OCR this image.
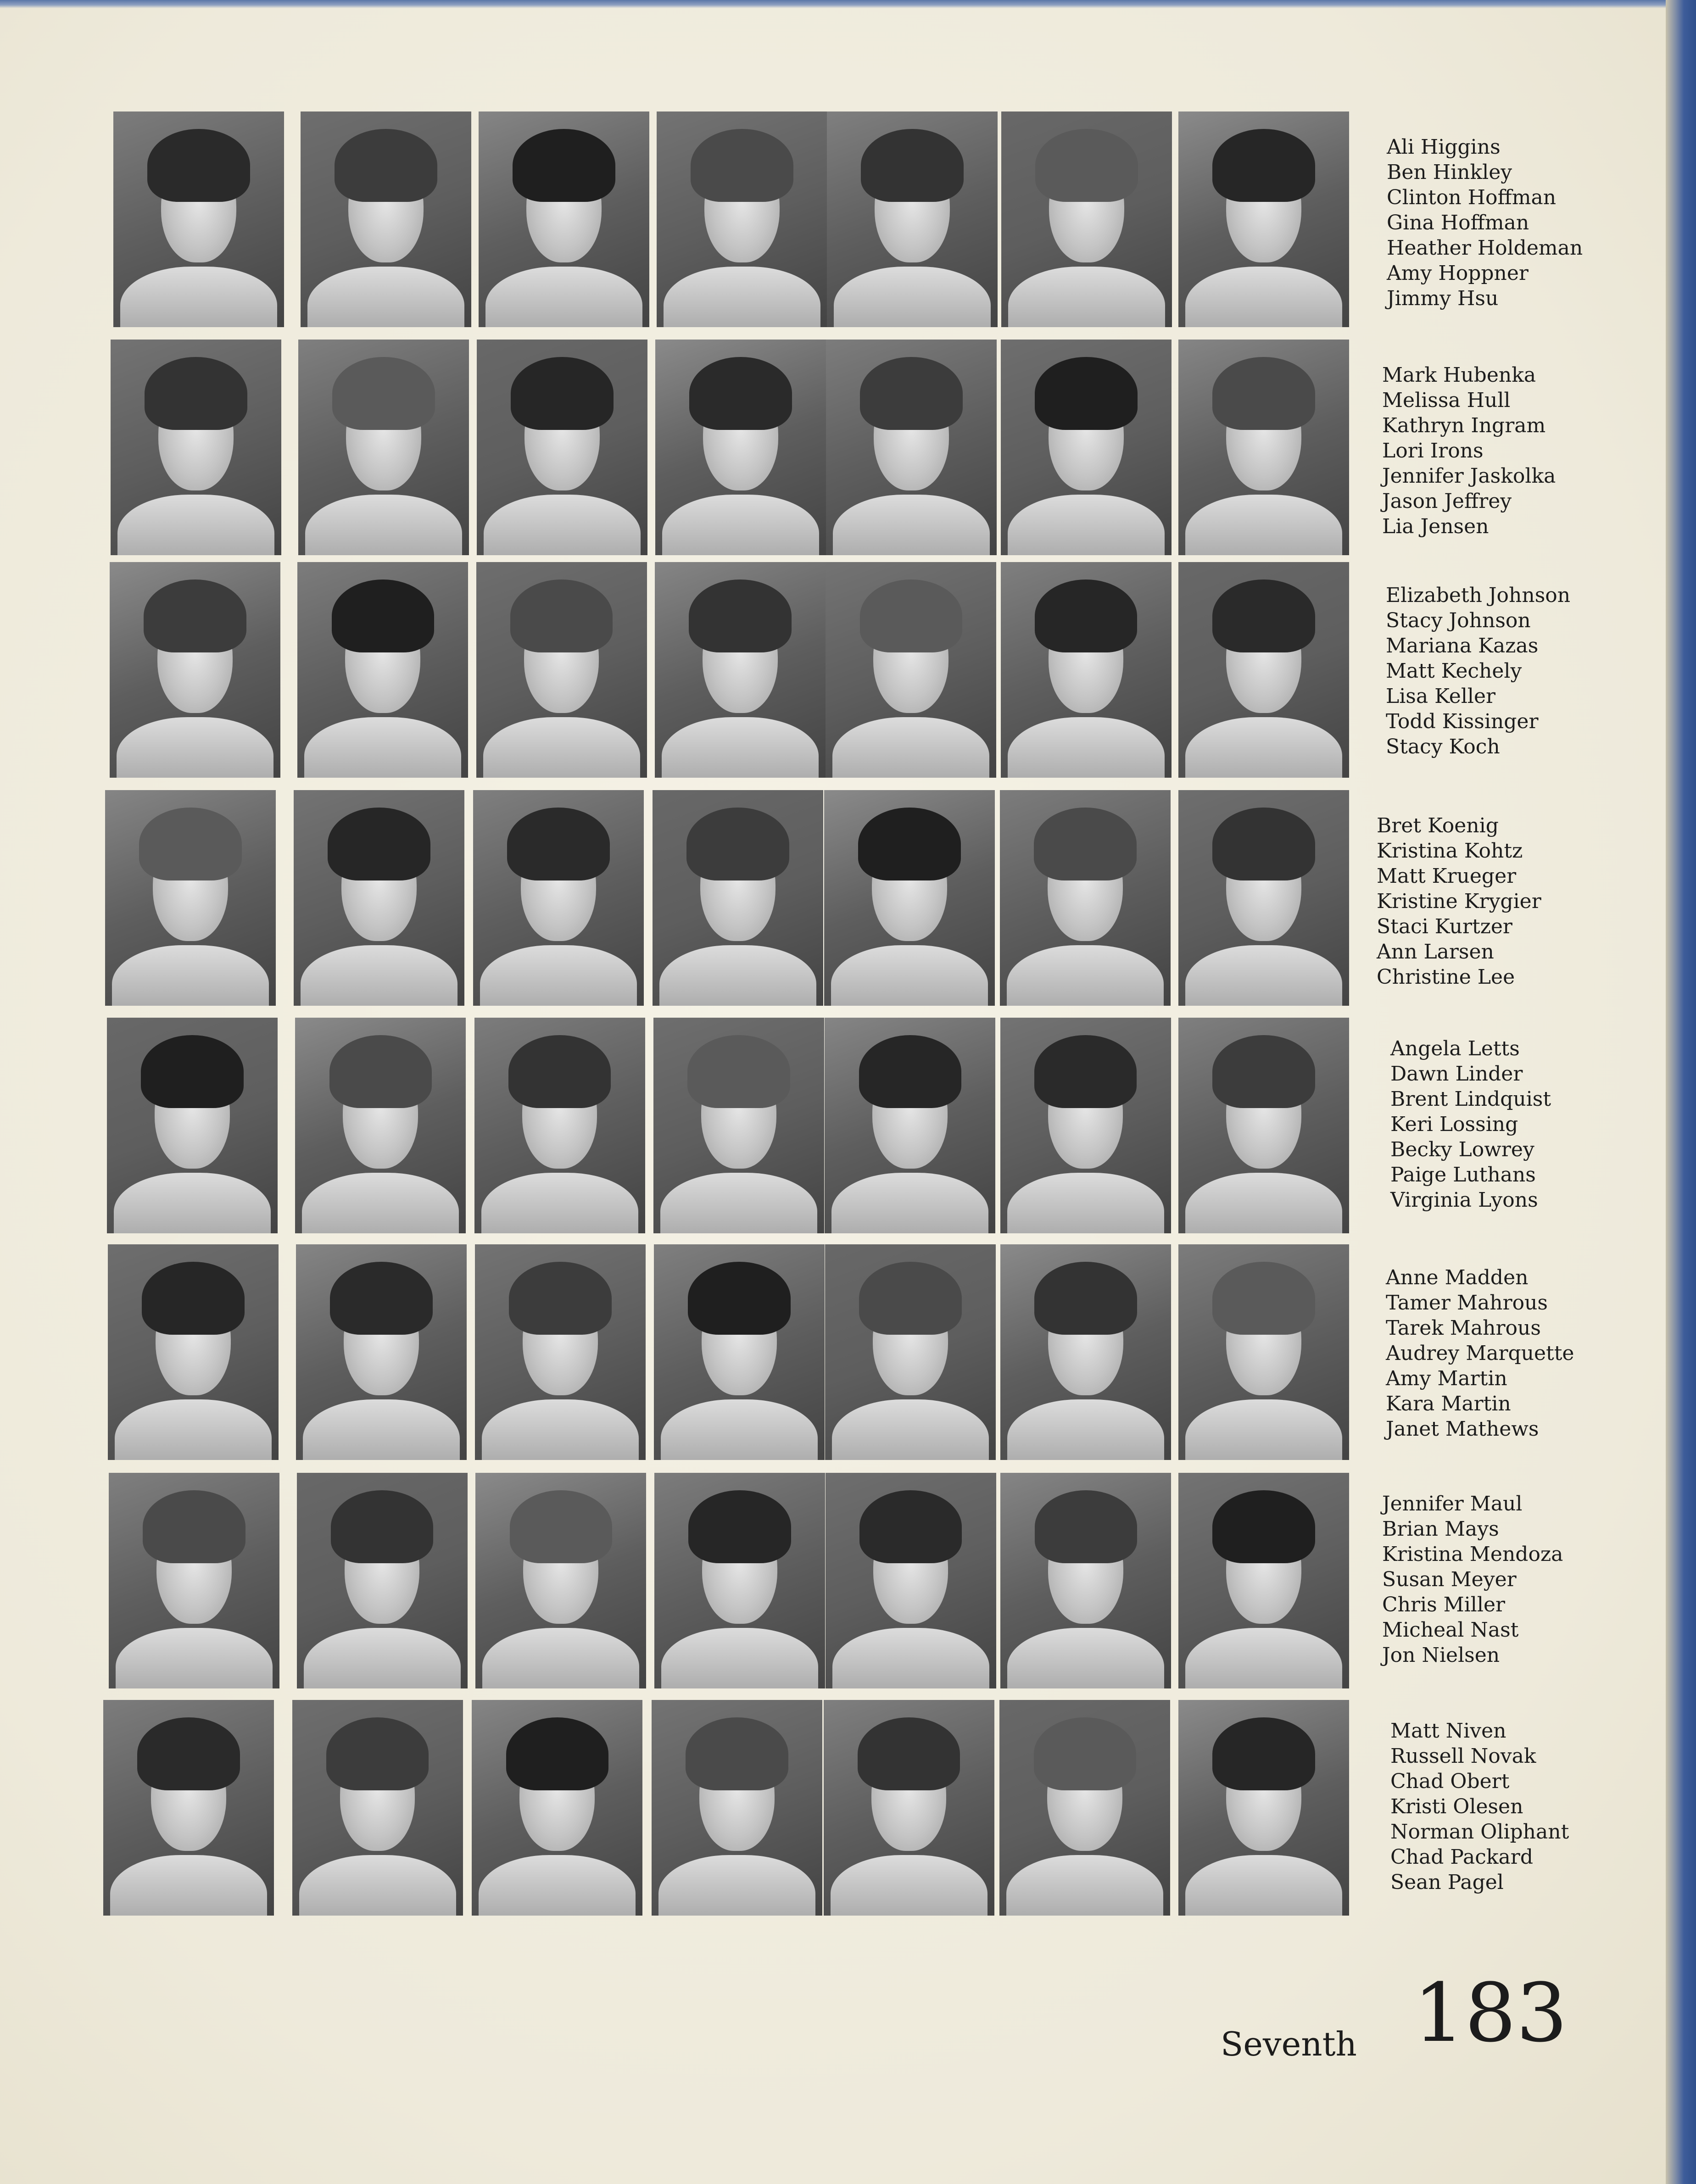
Ali Higgins
Ben Hinkley
Clinton Hoffman
Gina Hoffman
Heather Holdeman
Amy Hoppner
Jimmy Hsu
Mark Hubenka
Melissa Hull
Kathryn Ingram
Lori Irons
Jennifer Jaskolka
Jason Jeffrey
Lia Jensen
Elizabeth Johnson
Stacy Johnson
Mariana Kazas
Matt Kechely
Lisa Keller
Todd Kissinger
Stacy Koch
Bret Koenig
Kristina Kohtz
Matt Krueger
Kristine Krygier
Staci Kurtzer
Ann Larsen
Christine Lee
Angela Letts
Dawn Linder
Brent Lindquist
Keri Lossing
Becky Lowrey
Paige Luthans
Virginia Lyons
Anne Madden
Tamer Mahrous
Tarek Mahrous
Audrey Marquette
Amy Martin
Kara Martin
Janet Mathews
Jennifer Maul
Brian Mays
Kristina Mendoza
Susan Meyer
Chris Miller
Micheal Nast
Jon Nielsen
Matt Niven
Russell Novak
Chad Obert
Kristi Olesen
Norman Oliphant
Chad Packard
Sean Pagel
Seventh 183
